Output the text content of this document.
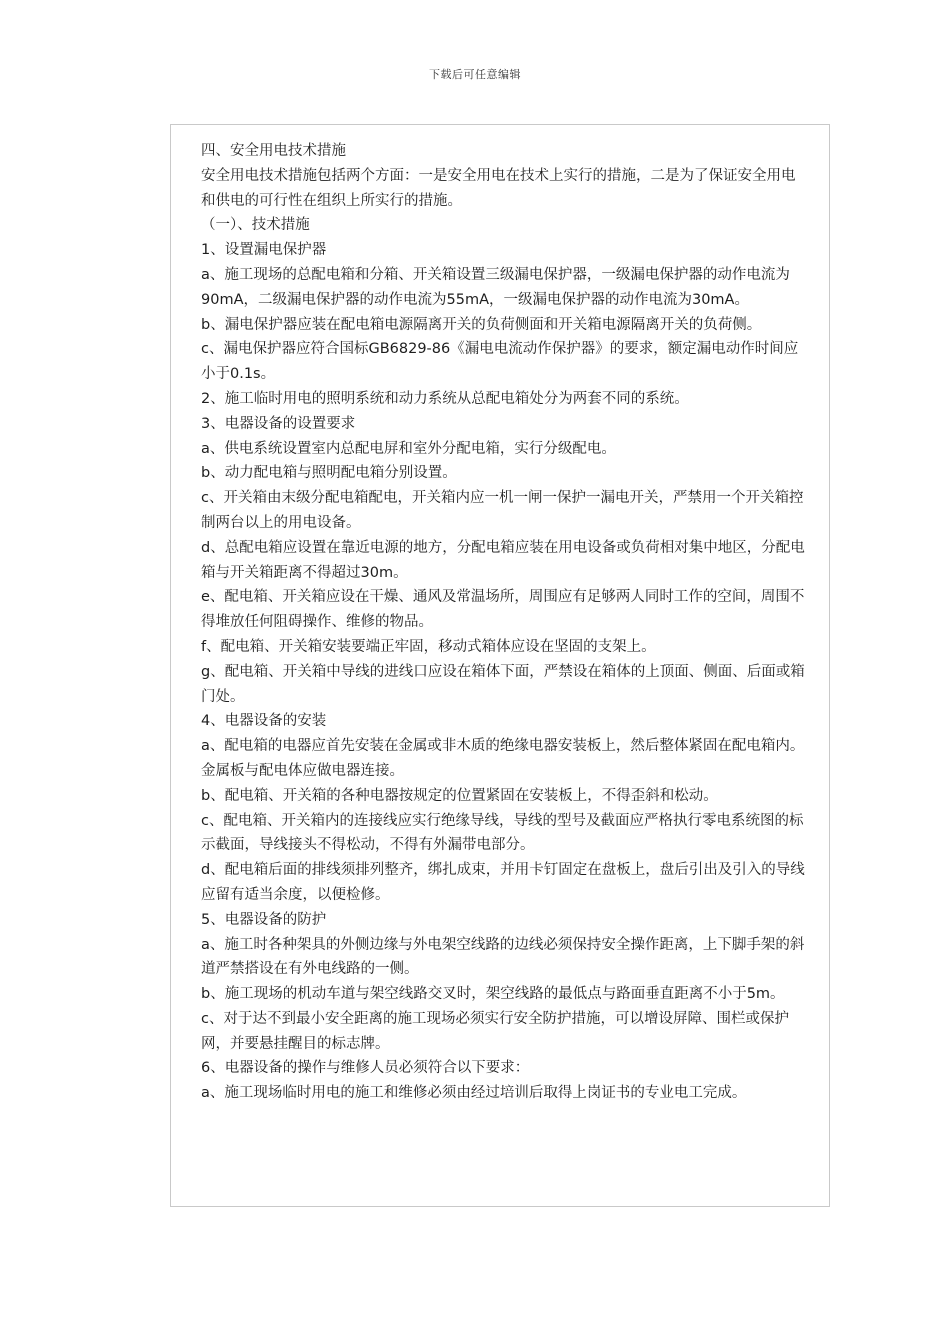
下载后可任意编辑

四、安全用电技术措施

安全用电技术措施包括两个方面：一是安全用电在技术上实行的措施，二是为了保证安全用电和供电的可行性在组织上所实行的措施。

（一）、技术措施

1、设置漏电保护器

a、施工现场的总配电箱和分箱、开关箱设置三级漏电保护器，一级漏电保护器的动作电流为90mA，二级漏电保护器的动作电流为55mA，一级漏电保护器的动作电流为30mA。

b、漏电保护器应装在配电箱电源隔离开关的负荷侧面和开关箱电源隔离开关的负荷侧。

c、漏电保护器应符合国标GB6829-86《漏电电流动作保护器》的要求，额定漏电动作时间应小于0.1s。

2、施工临时用电的照明系统和动力系统从总配电箱处分为两套不同的系统。

3、电器设备的设置要求

a、供电系统设置室内总配电屏和室外分配电箱，实行分级配电。

b、动力配电箱与照明配电箱分别设置。

c、开关箱由末级分配电箱配电，开关箱内应一机一闸一保护一漏电开关，严禁用一个开关箱控制两台以上的用电设备。

d、总配电箱应设置在靠近电源的地方，分配电箱应装在用电设备或负荷相对集中地区，分配电箱与开关箱距离不得超过30m。

e、配电箱、开关箱应设在干燥、通风及常温场所，周围应有足够两人同时工作的空间，周围不得堆放任何阻碍操作、维修的物品。

f、配电箱、开关箱安装要端正牢固，移动式箱体应设在坚固的支架上。

g、配电箱、开关箱中导线的进线口应设在箱体下面，严禁设在箱体的上顶面、侧面、后面或箱门处。

4、电器设备的安装

a、配电箱的电器应首先安装在金属或非木质的绝缘电器安装板上，然后整体紧固在配电箱内。金属板与配电体应做电器连接。

b、配电箱、开关箱的各种电器按规定的位置紧固在安装板上，不得歪斜和松动。

c、配电箱、开关箱内的连接线应实行绝缘导线，导线的型号及截面应严格执行零电系统图的标示截面，导线接头不得松动，不得有外漏带电部分。

d、配电箱后面的排线须排列整齐，绑扎成束，并用卡钉固定在盘板上，盘后引出及引入的导线应留有适当余度，以便检修。

5、电器设备的防护

a、施工时各种架具的外侧边缘与外电架空线路的边线必须保持安全操作距离，上下脚手架的斜道严禁搭设在有外电线路的一侧。

b、施工现场的机动车道与架空线路交叉时，架空线路的最低点与路面垂直距离不小于5m。

c、对于达不到最小安全距离的施工现场必须实行安全防护措施，可以增设屏障、围栏或保护网，并要悬挂醒目的标志牌。

6、电器设备的操作与维修人员必须符合以下要求：

a、施工现场临时用电的施工和维修必须由经过培训后取得上岗证书的专业电工完成。
